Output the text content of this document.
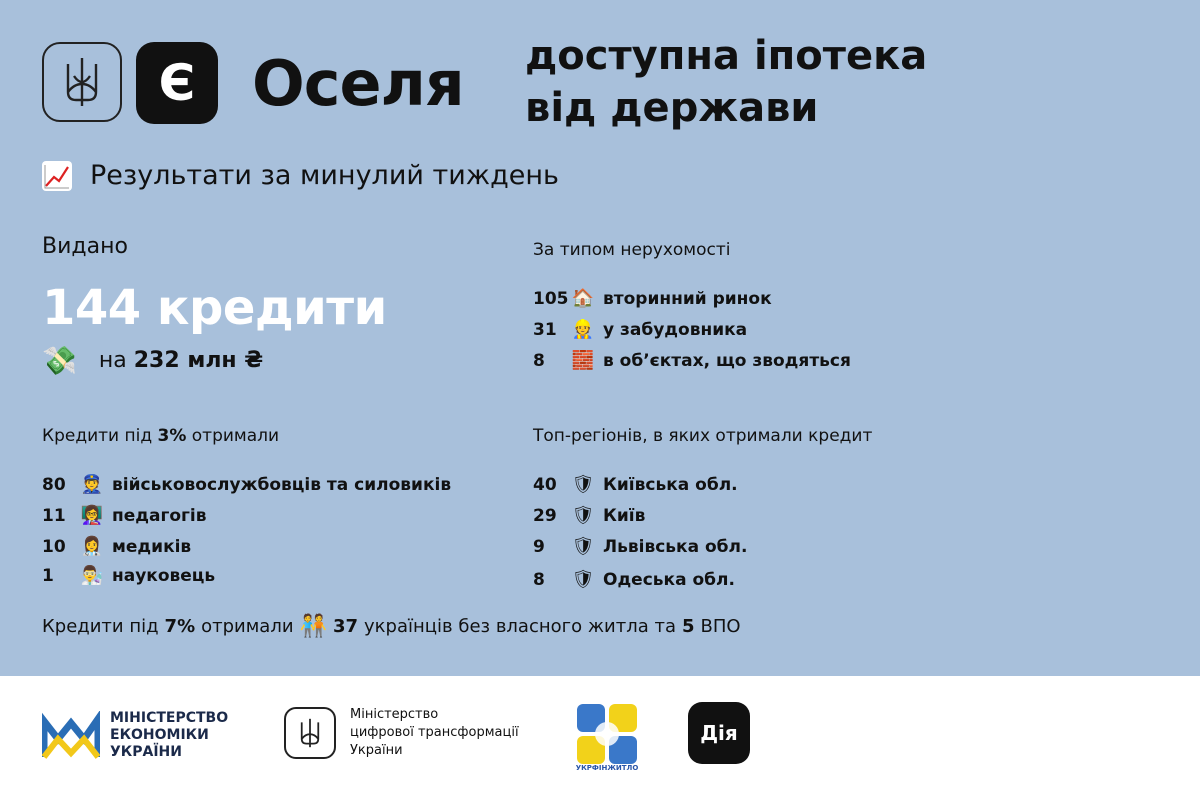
Є Оселя доступна іпотека
від держави
Результати за минулий тиждень
Видано
144 кредити
💸 на 232 млн ₴
За типом нерухомості
105 🏠 вторинний ринок
31 👷 у забудовника
8	🧱 в об’єктах, що зводяться
Кредити під 3% отримали
80 👮 військовослужбовців та силовиків
11 👩‍🏫 педагогів
10 👩‍⚕️ медиків
1	👨‍🔬 науковець
Топ-регіонів, в яких отримали кредит
40 🛡 Київська обл.
29 🛡 Київ
9	🛡 Львівська обл.
8	🛡 Одеська обл.
Кредити під 7% отримали 🧑‍🤝‍🧑 37 українців без власного житла та 5 ВПО
МІНІСТЕРСТВО
ЕКОНОМІКИ
УКРАЇНИ
Міністерство
цифрової трансформації
України
УКРФІНЖИТЛО
Дія
